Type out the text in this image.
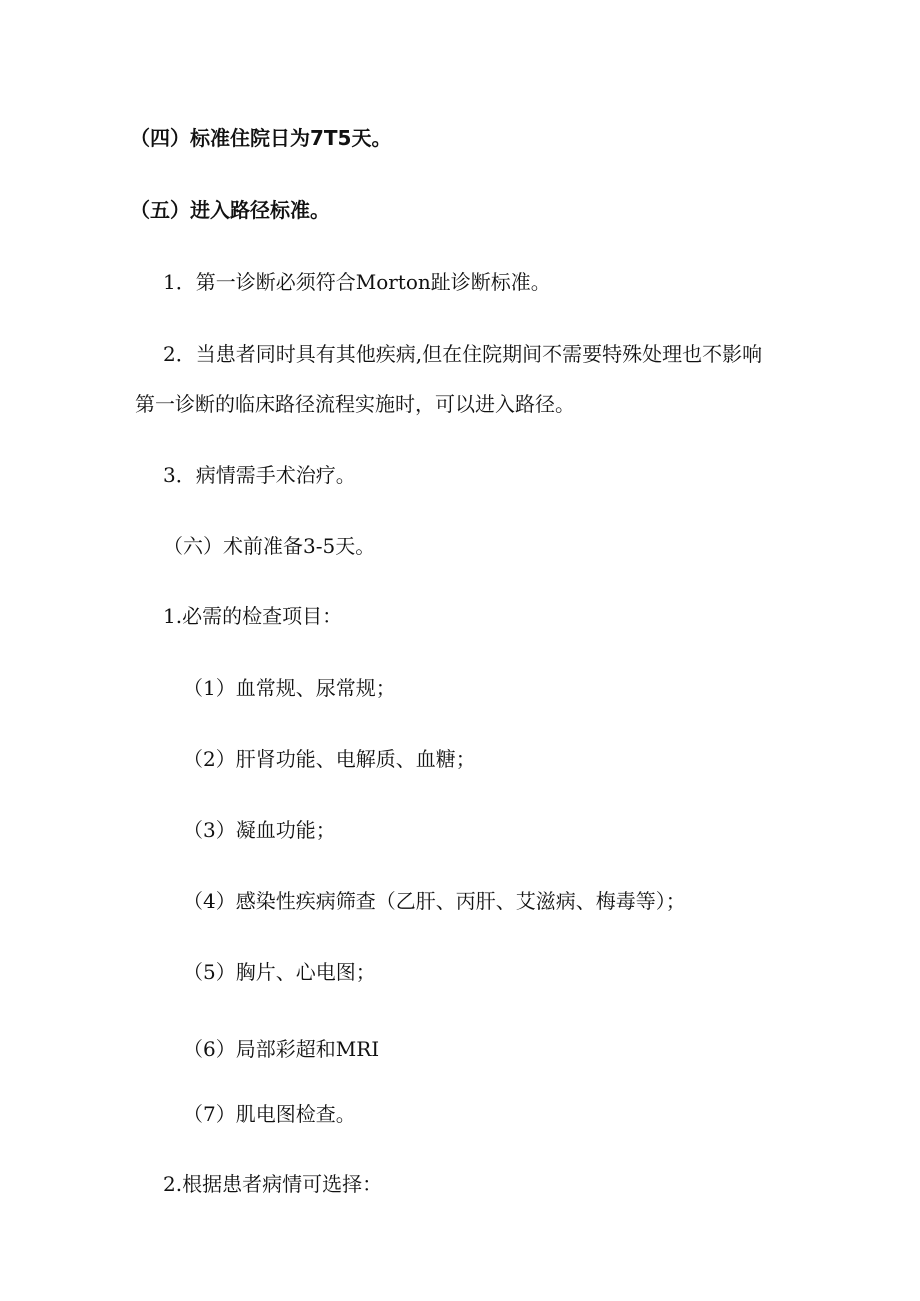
（四）标准住院日为7T5天。

（五）进入路径标准。

1．第一诊断必须符合Morton趾诊断标准。

2．当患者同时具有其他疾病,但在住院期间不需要特殊处理也不影响

第一诊断的临床路径流程实施时，可以进入路径。

3．病情需手术治疗。

（六）术前准备3-5天。

1.必需的检查项目：

（1）血常规、尿常规；

（2）肝肾功能、电解质、血糖；

（3）凝血功能；

（4）感染性疾病筛查（乙肝、丙肝、艾滋病、梅毒等）；

（5）胸片、心电图；

（6）局部彩超和MRI

（7）肌电图检查。

2.根据患者病情可选择：
